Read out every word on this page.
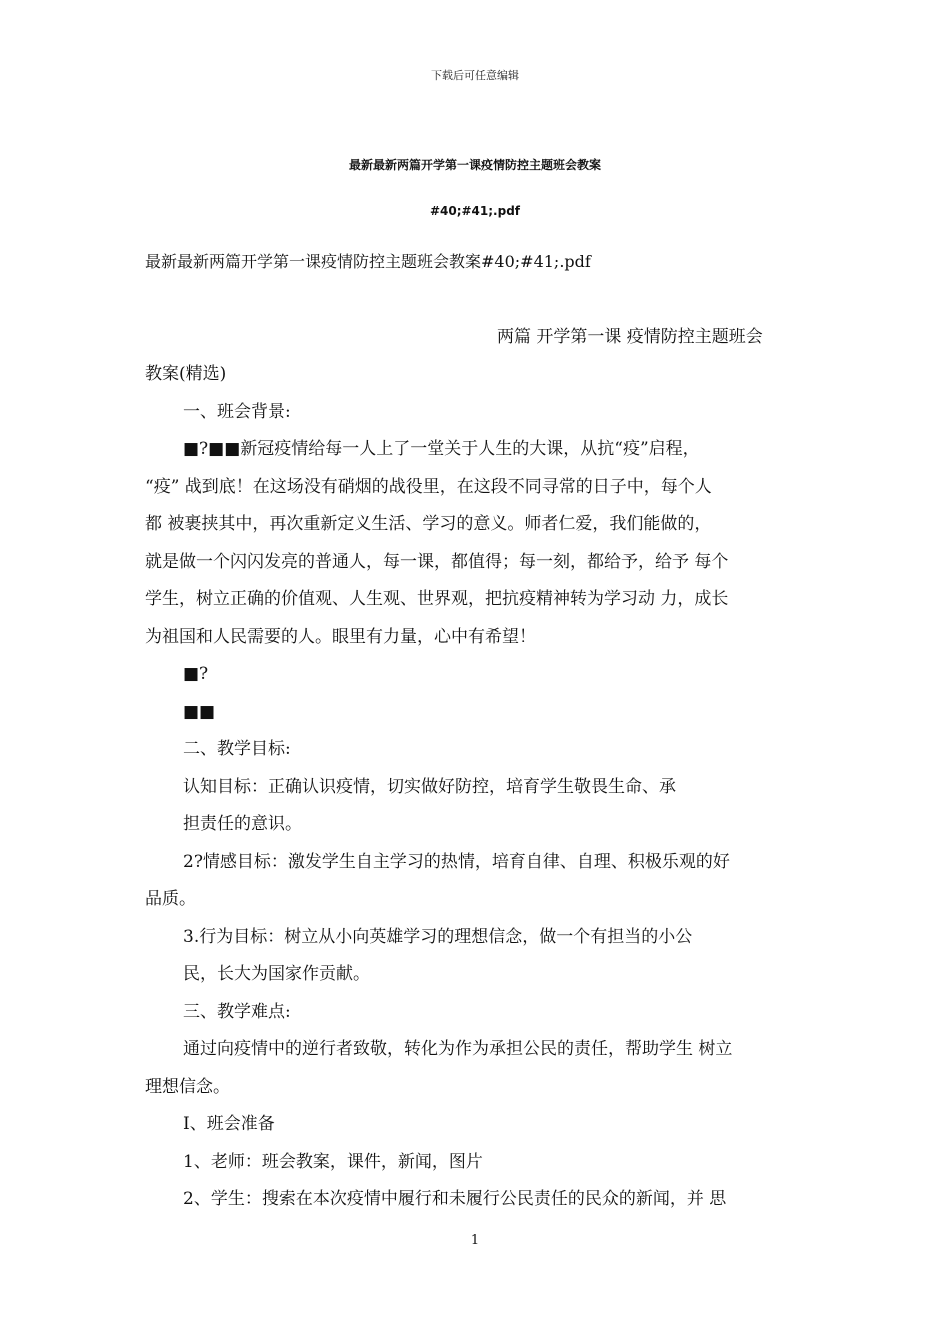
下载后可任意编辑
最新最新两篇开学第一课疫情防控主题班会教案
#40;#41;.pdf
最新最新两篇开学第一课疫情防控主题班会教案#40;#41;.pdf
两篇 开学第一课 疫情防控主题班会
教案(精选)
一、班会背景:
■?■■新冠疫情给每一人上了一堂关于人生的大课，从抗“疫”启程，
“疫” 战到底！在这场没有硝烟的战役里，在这段不同寻常的日子中，每个人
都 被裹挟其中，再次重新定义生活、学习的意义。师者仁爱，我们能做的，
就是做一个闪闪发亮的普通人，每一课，都值得；每一刻，都给予，给予 每个
学生，树立正确的价值观、人生观、世界观，把抗疫精神转为学习动 力，成长
为祖国和人民需要的人。眼里有力量，心中有希望！
■?
■■
二、教学目标:
认知目标：正确认识疫情，切实做好防控，培育学生敬畏生命、承
担责任的意识。
2?情感目标：激发学生自主学习的热情，培育自律、自理、积极乐观的好
品质。
3.行为目标：树立从小向英雄学习的理想信念，做一个有担当的小公
民，长大为国家作贡献。
三、教学难点:
通过向疫情中的逆行者致敬，转化为作为承担公民的责任，帮助学生 树立
理想信念。
I、班会准备
1、老师：班会教案，课件，新闻，图片
2、学生：搜索在本次疫情中履行和未履行公民责任的民众的新闻，并 思
1
